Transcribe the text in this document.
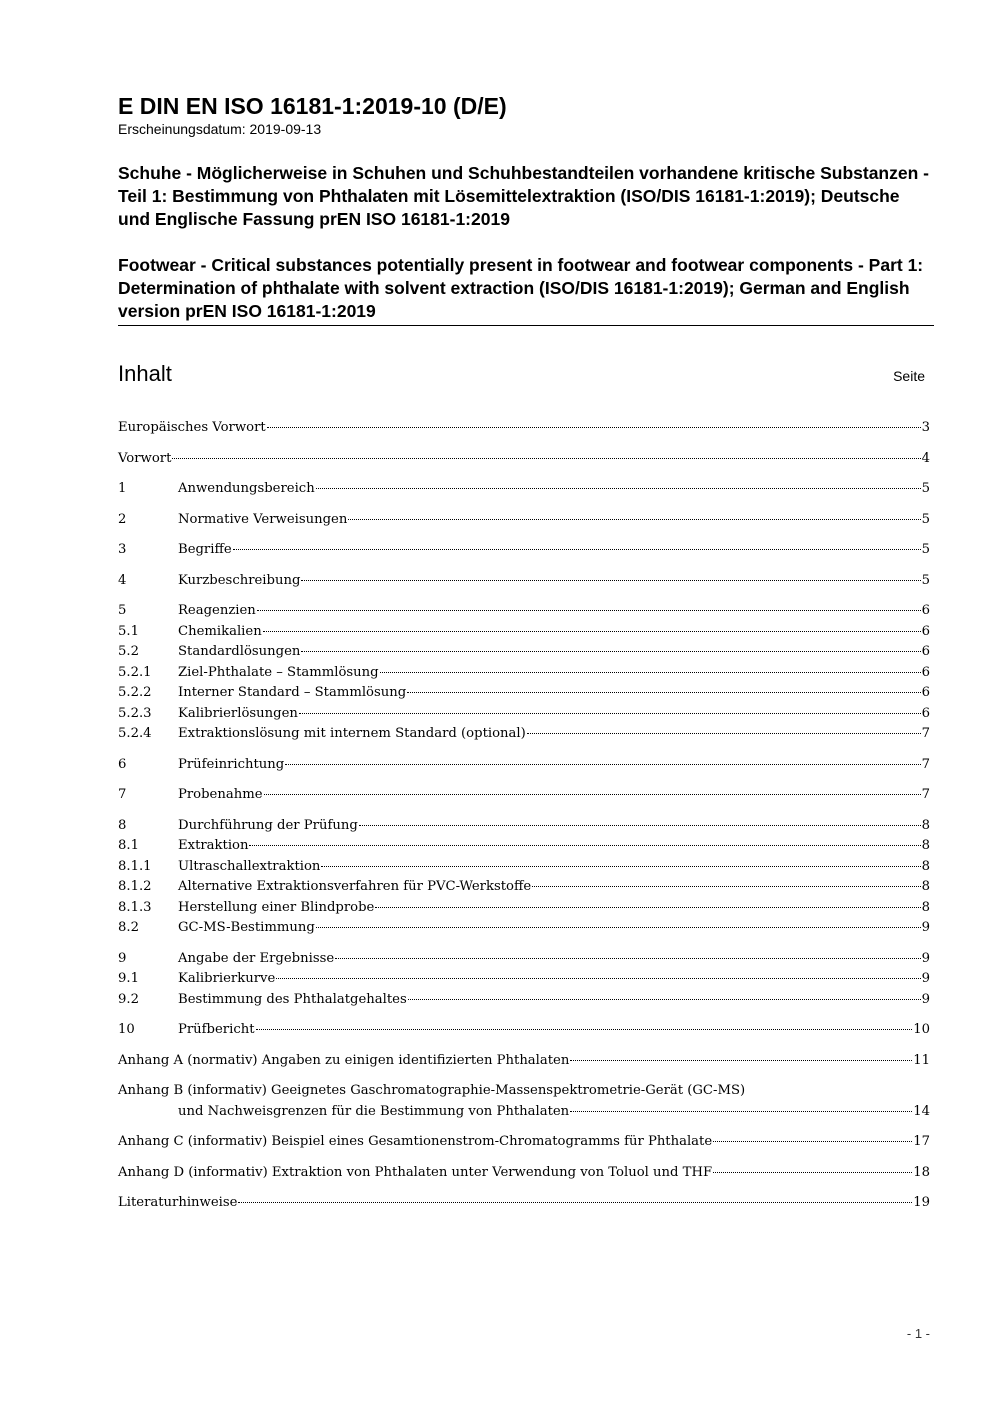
E DIN EN ISO 16181-1:2019-10 (D/E)
Erscheinungsdatum: 2019-09-13
Schuhe - Möglicherweise in Schuhen und Schuhbestandteilen vorhandene kritische Substanzen - Teil 1: Bestimmung von Phthalaten mit Lösemittelextraktion (ISO/DIS 16181-1:2019); Deutsche und Englische Fassung prEN ISO 16181-1:2019
Footwear - Critical substances potentially present in footwear and footwear components - Part 1: Determination of phthalate with solvent extraction (ISO/DIS 16181-1:2019); German and English version prEN ISO 16181-1:2019
Inhalt	Seite
Europäisches Vorwort	3
Vorwort	4
1	Anwendungsbereich	5
2	Normative Verweisungen	5
3	Begriffe	5
4	Kurzbeschreibung	5
5	Reagenzien	6
5.1	Chemikalien	6
5.2	Standardlösungen	6
5.2.1	Ziel-Phthalate – Stammlösung	6
5.2.2	Interner Standard – Stammlösung	6
5.2.3	Kalibrierlösungen	6
5.2.4	Extraktionslösung mit internem Standard (optional)	7
6	Prüfeinrichtung	7
7	Probenahme	7
8	Durchführung der Prüfung	8
8.1	Extraktion	8
8.1.1	Ultraschallextraktion	8
8.1.2	Alternative Extraktionsverfahren für PVC-Werkstoffe	8
8.1.3	Herstellung einer Blindprobe	8
8.2	GC-MS-Bestimmung	9
9	Angabe der Ergebnisse	9
9.1	Kalibrierkurve	9
9.2	Bestimmung des Phthalatgehaltes	9
10	Prüfbericht	10
Anhang A (normativ) Angaben zu einigen identifizierten Phthalaten	11
Anhang B (informativ) Geeignetes Gaschromatographie-Massenspektrometrie-Gerät (GC-MS)
und Nachweisgrenzen für die Bestimmung von Phthalaten	14
Anhang C (informativ) Beispiel eines Gesamtionenstrom-Chromatogramms für Phthalate	17
Anhang D (informativ) Extraktion von Phthalaten unter Verwendung von Toluol und THF	18
Literaturhinweise	19
- 1 -
